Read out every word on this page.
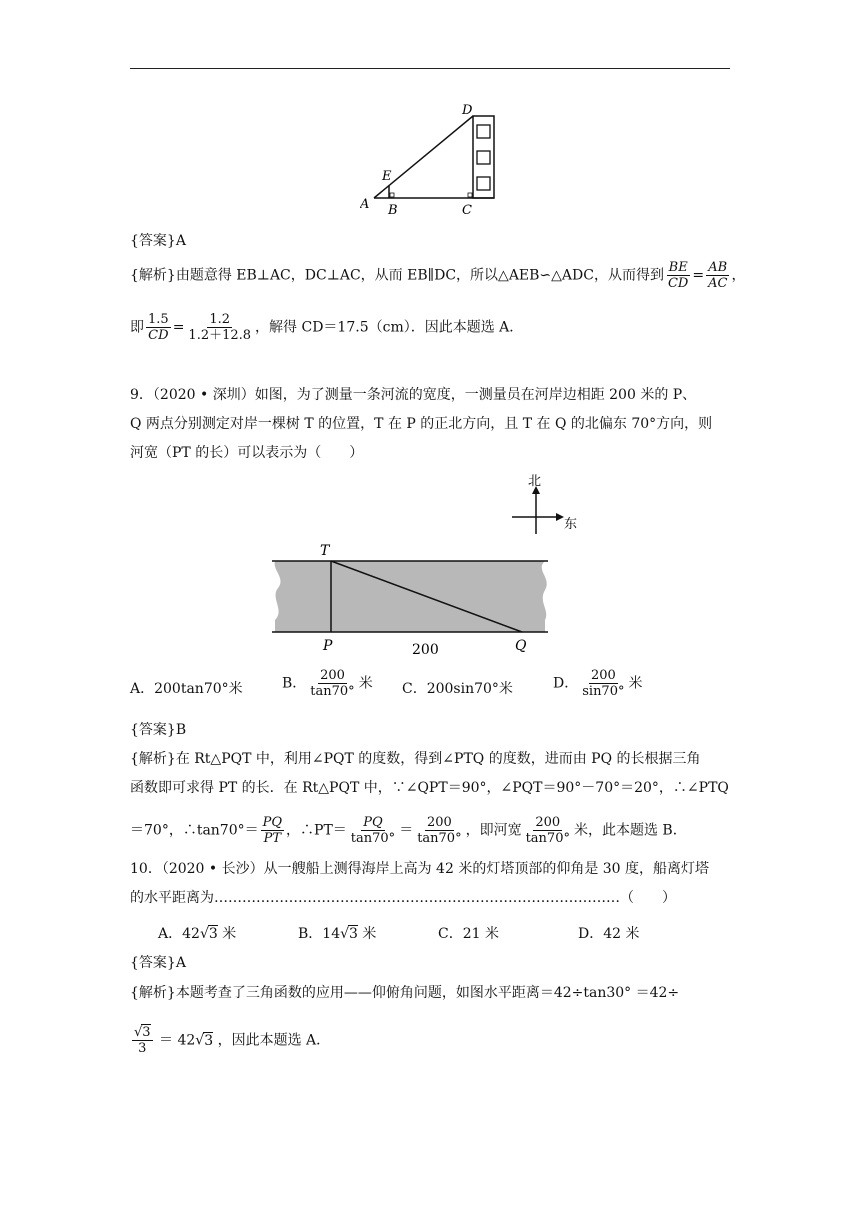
D
E
A B	C
{答案}A
{解析}由题意得 EB⊥AC，DC⊥AC，从而 EB∥DC，所以△AEB∽△ADC，从而得到 $\frac{BE}{CD} = \frac{AB}{AC}$ ，
即 $\frac{1.5}{CD} = \frac{1.2}{1.2+12.8}$ ，解得 CD＝17.5（cm）．因此本题选 A．
9．（2020 • 深圳）如图，为了测量一条河流的宽度，一测量员在河岸边相距 200 米的 P、
Q 两点分别测定对岸一棵树 T 的位置，T 在 P 的正北方向，且 T 在 Q 的北偏东 70°方向，则
河宽（PT 的长）可以表示为（　　）
北
东
T
P	Q
200
A．200tan70°米	B． $\frac{200}{\tan 70^\circ}$ 米 C．200sin70°米	D． $\frac{200}{\sin 70^\circ}$ 米
{答案}B
{解析}在 Rt△PQT 中，利用∠PQT 的度数，得到∠PTQ 的度数，进而由 PQ 的长根据三角
函数即可求得 PT 的长．在 Rt△PQT 中，∵∠QPT＝90°，∠PQT＝90°－70°＝20°，∴∠PTQ
＝70°，∴tan70°＝ $\frac{PQ}{PT}$ ，∴PT＝ $\frac{PQ}{\tan 70^\circ} = \frac{200}{\tan 70^\circ}$ ，即河宽 $\frac{200}{\tan 70^\circ}$ 米，此本题选 B．
10．（2020 • 长沙）从一艘船上测得海岸上高为 42 米的灯塔顶部的仰角是 30 度，船离灯塔
的水平距离为……………………………………………………………………………（　　）
A．42√3 米	B．14√3 米	C．21 米	D．42 米
{答案}A
{解析}本题考查了三角函数的应用——仰俯角问题，如图水平距离＝42÷tan30° ＝42÷
$\frac{√3}{3} = 42√3$ ，因此本题选 A．
